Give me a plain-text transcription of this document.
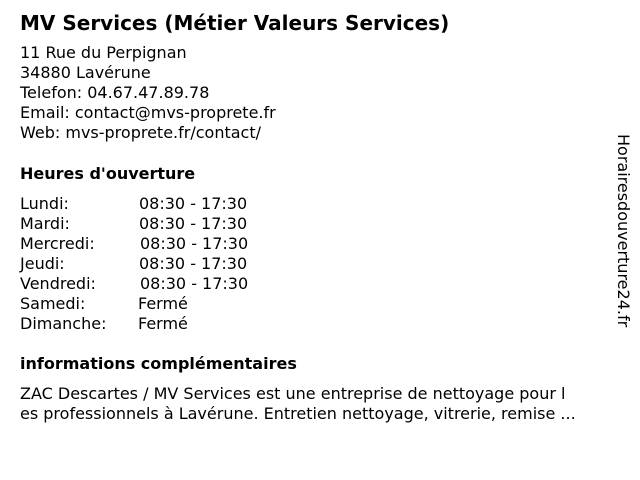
MV Services (Métier Valeurs Services)
11 Rue du Perpignan
34880 Lavérune
Telefon: 04.67.47.89.78
Email: contact@mvs-proprete.fr
Web: mvs-proprete.fr/contact/
Heures d'ouverture
Lundi:	08:30 - 17:30
Mardi:	08:30 - 17:30
Mercredi:	08:30 - 17:30
Jeudi:	08:30 - 17:30
Vendredi:	08:30 - 17:30
Samedi:	Fermé
Dimanche: Fermé
informations complémentaires
ZAC Descartes / MV Services est une entreprise de nettoyage pour l
es professionnels à Lavérune. Entretien nettoyage, vitrerie, remise ...
Horairesdouverture24.fr
